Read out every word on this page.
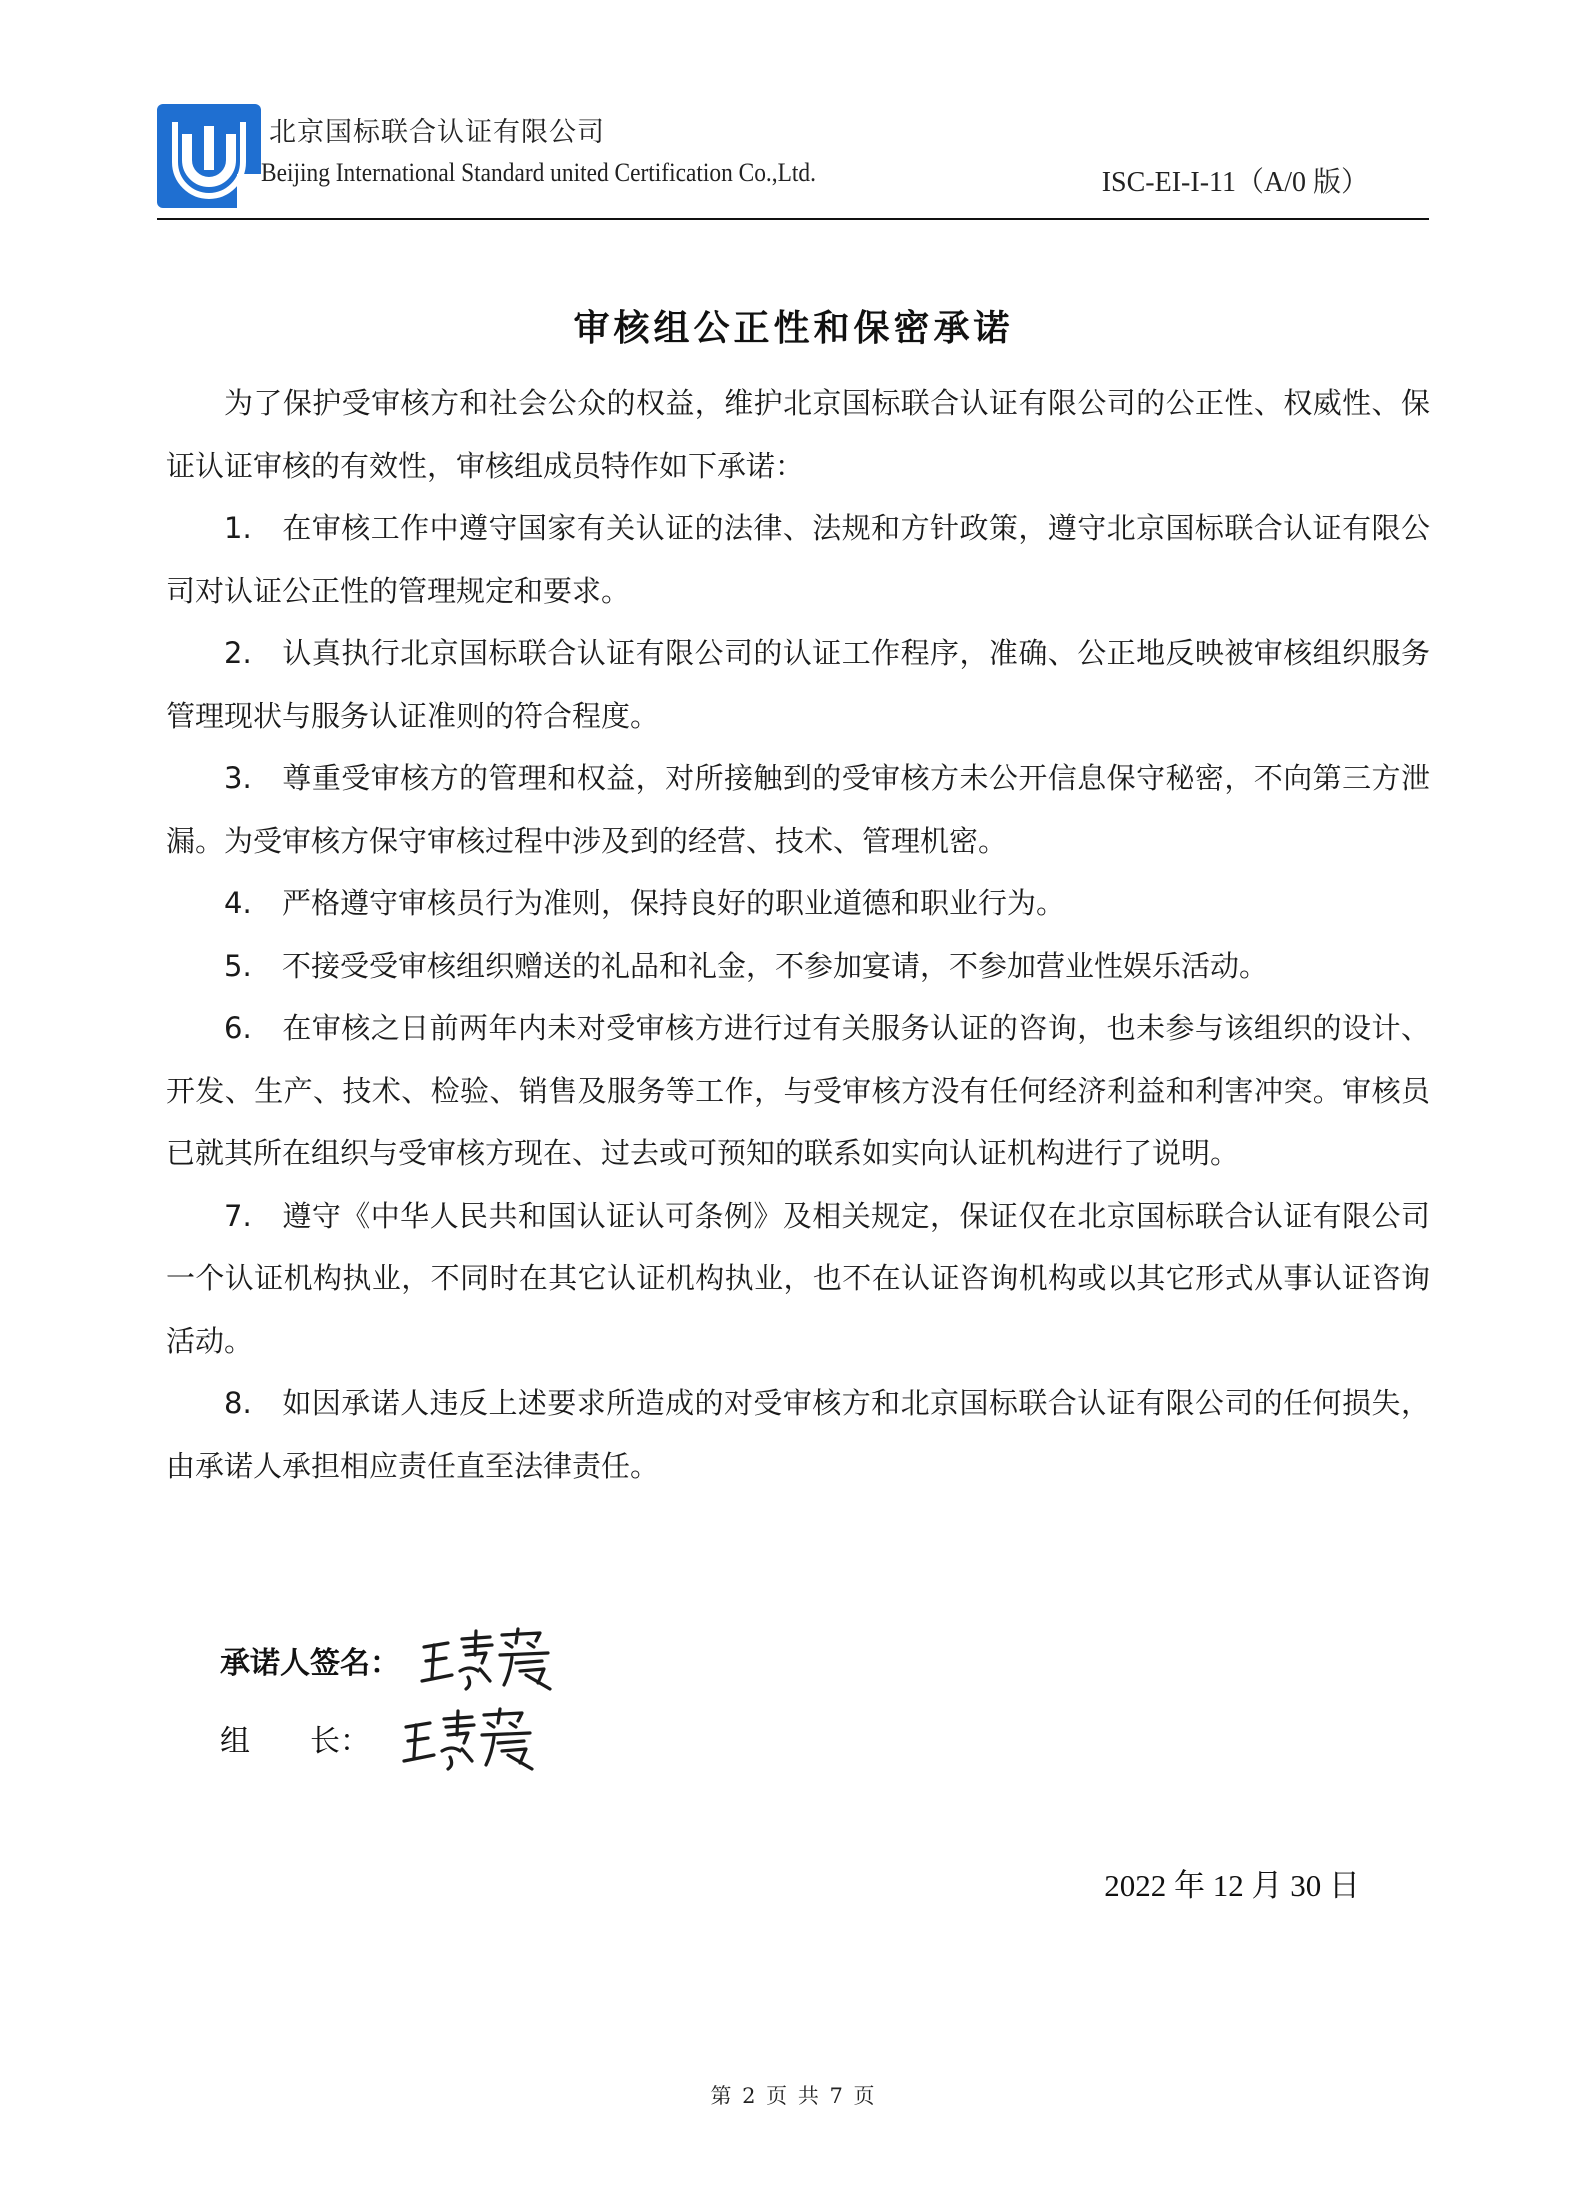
北京国标联合认证有限公司
Beijing International Standard united Certification Co.,Ltd.	ISC-EI-I-11（A/0 版）
审核组公正性和保密承诺

为了保护受审核方和社会公众的权益，维护北京国标联合认证有限公司的公正性、权威性、保证认证审核的有效性，审核组成员特作如下承诺：

1. 在审核工作中遵守国家有关认证的法律、法规和方针政策，遵守北京国标联合认证有限公司对认证公正性的管理规定和要求。

2. 认真执行北京国标联合认证有限公司的认证工作程序，准确、公正地反映被审核组织服务管理现状与服务认证准则的符合程度。

3. 尊重受审核方的管理和权益，对所接触到的受审核方未公开信息保守秘密，不向第三方泄漏。为受审核方保守审核过程中涉及到的经营、技术、管理机密。

4. 严格遵守审核员行为准则，保持良好的职业道德和职业行为。

5. 不接受受审核组织赠送的礼品和礼金，不参加宴请，不参加营业性娱乐活动。

6. 在审核之日前两年内未对受审核方进行过有关服务认证的咨询，也未参与该组织的设计、开发、生产、技术、检验、销售及服务等工作，与受审核方没有任何经济利益和利害冲突。审核员已就其所在组织与受审核方现在、过去或可预知的联系如实向认证机构进行了说明。

7. 遵守《中华人民共和国认证认可条例》及相关规定，保证仅在北京国标联合认证有限公司一个认证机构执业，不同时在其它认证机构执业，也不在认证咨询机构或以其它形式从事认证咨询活动。

8. 如因承诺人违反上述要求所造成的对受审核方和北京国标联合认证有限公司的任何损失，由承诺人承担相应责任直至法律责任。

承诺人签名：
组　　长：
2022 年 12 月 30 日
第 2 页 共 7 页
